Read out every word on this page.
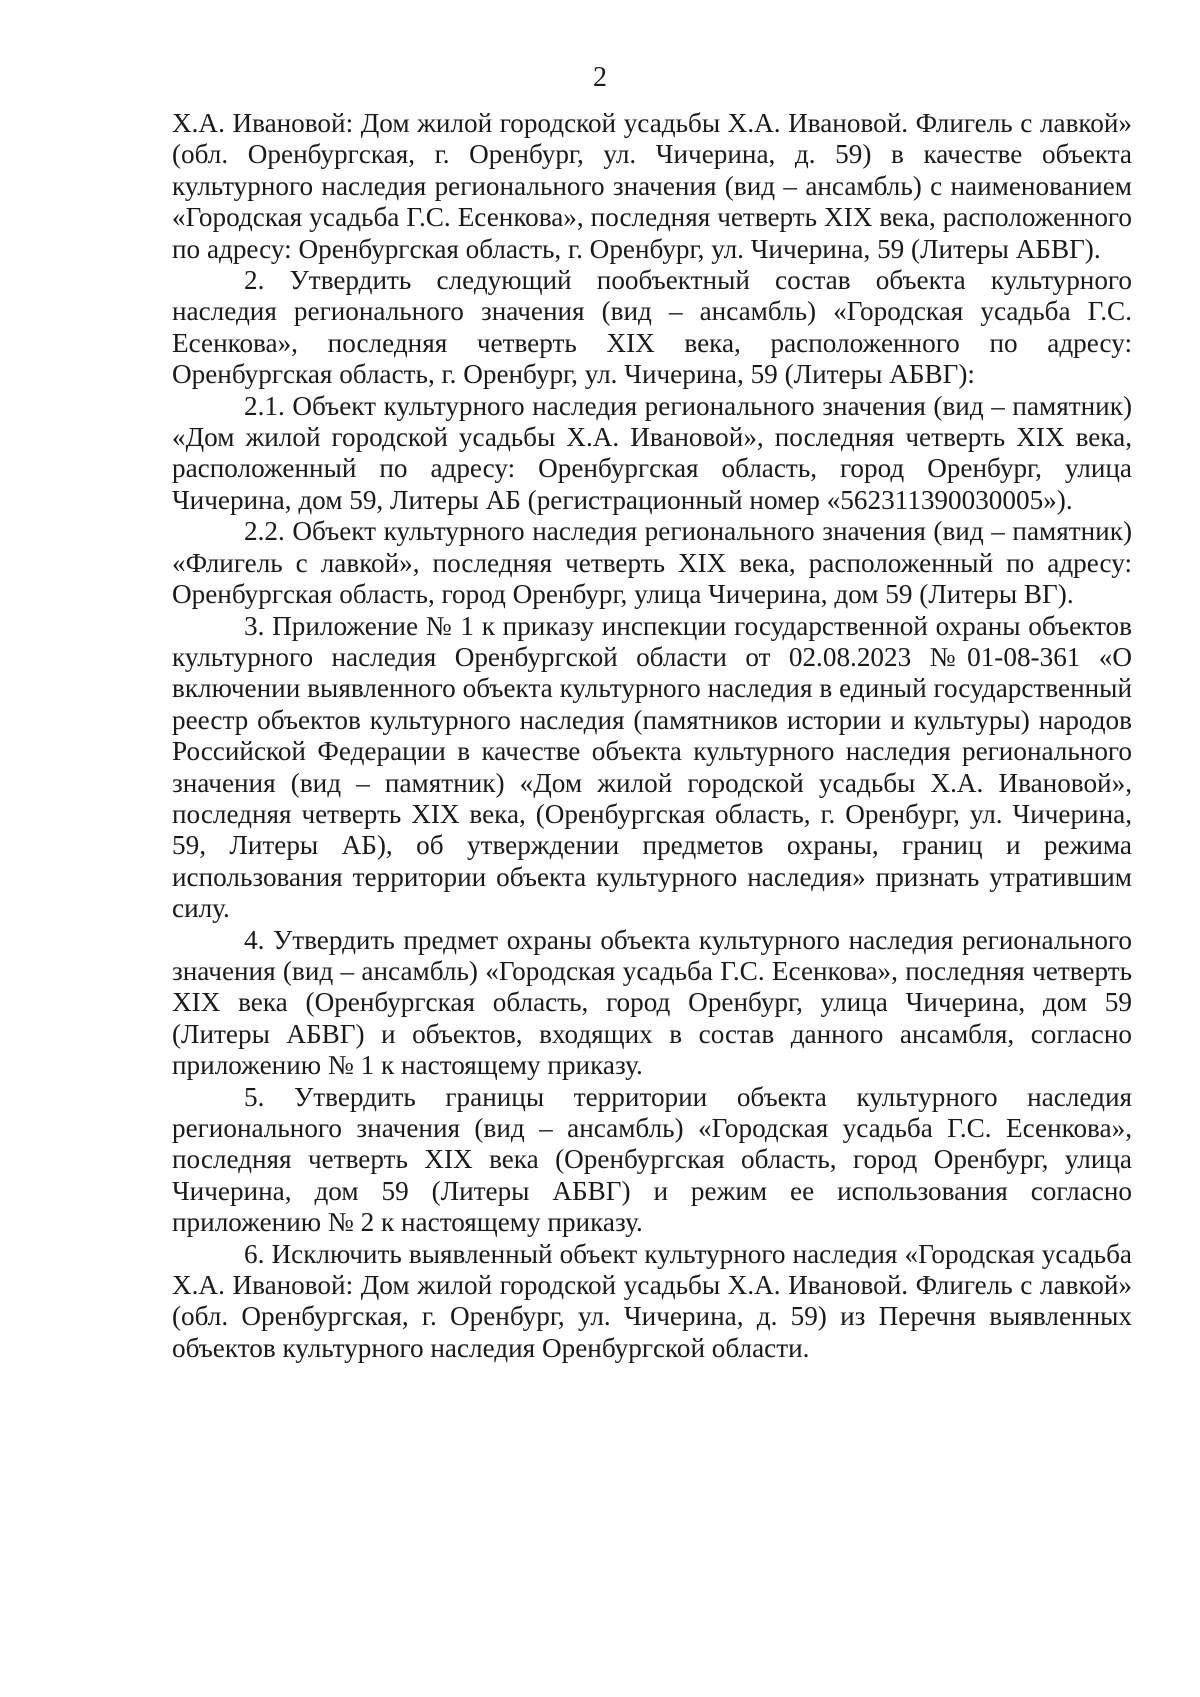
2

Х.А. Ивановой: Дом жилой городской усадьбы Х.А. Ивановой. Флигель с лавкой» (обл. Оренбургская, г. Оренбург, ул. Чичерина, д. 59) в качестве объекта культурного наследия регионального значения (вид – ансамбль) с наименованием «Городская усадьба Г.С. Есенкова», последняя четверть XIX века, расположенного по адресу: Оренбургская область, г. Оренбург, ул. Чичерина, 59 (Литеры АБВГ).

2. Утвердить следующий пообъектный состав объекта культурного наследия регионального значения (вид – ансамбль) «Городская усадьба Г.С. Есенкова», последняя четверть XIX века, расположенного по адресу: Оренбургская область, г. Оренбург, ул. Чичерина, 59 (Литеры АБВГ):

2.1. Объект культурного наследия регионального значения (вид – памятник) «Дом жилой городской усадьбы Х.А. Ивановой», последняя четверть XIX века, расположенный по адресу: Оренбургская область, город Оренбург, улица Чичерина, дом 59, Литеры АБ (регистрационный номер «562311390030005»).

2.2. Объект культурного наследия регионального значения (вид – памятник) «Флигель с лавкой», последняя четверть XIX века, расположенный по адресу: Оренбургская область, город Оренбург, улица Чичерина, дом 59 (Литеры ВГ).

3. Приложение № 1 к приказу инспекции государственной охраны объектов культурного наследия Оренбургской области от 02.08.2023 №01-08-361 «О включении выявленного объекта культурного наследия в единый государственный реестр объектов культурного наследия (памятников истории и культуры) народов Российской Федерации в качестве объекта культурного наследия регионального значения (вид – памятник) «Дом жилой городской усадьбы Х.А. Ивановой», последняя четверть XIX века, (Оренбургская область, г. Оренбург, ул. Чичерина, 59, Литеры АБ), об утверждении предметов охраны, границ и режима использования территории объекта культурного наследия» признать утратившим силу.

4. Утвердить предмет охраны объекта культурного наследия регионального значения (вид – ансамбль) «Городская усадьба Г.С. Есенкова», последняя четверть XIX века (Оренбургская область, город Оренбург, улица Чичерина, дом 59 (Литеры АБВГ) и объектов, входящих в состав данного ансамбля, согласно приложению № 1 к настоящему приказу.

5. Утвердить границы территории объекта культурного наследия регионального значения (вид – ансамбль) «Городская усадьба Г.С. Есенкова», последняя четверть XIX века (Оренбургская область, город Оренбург, улица Чичерина, дом 59 (Литеры АБВГ) и режим ее использования согласно приложению № 2 к настоящему приказу.

6. Исключить выявленный объект культурного наследия «Городская усадьба Х.А. Ивановой: Дом жилой городской усадьбы Х.А. Ивановой. Флигель с лавкой» (обл. Оренбургская, г. Оренбург, ул. Чичерина, д. 59) из Перечня выявленных объектов культурного наследия Оренбургской области.
